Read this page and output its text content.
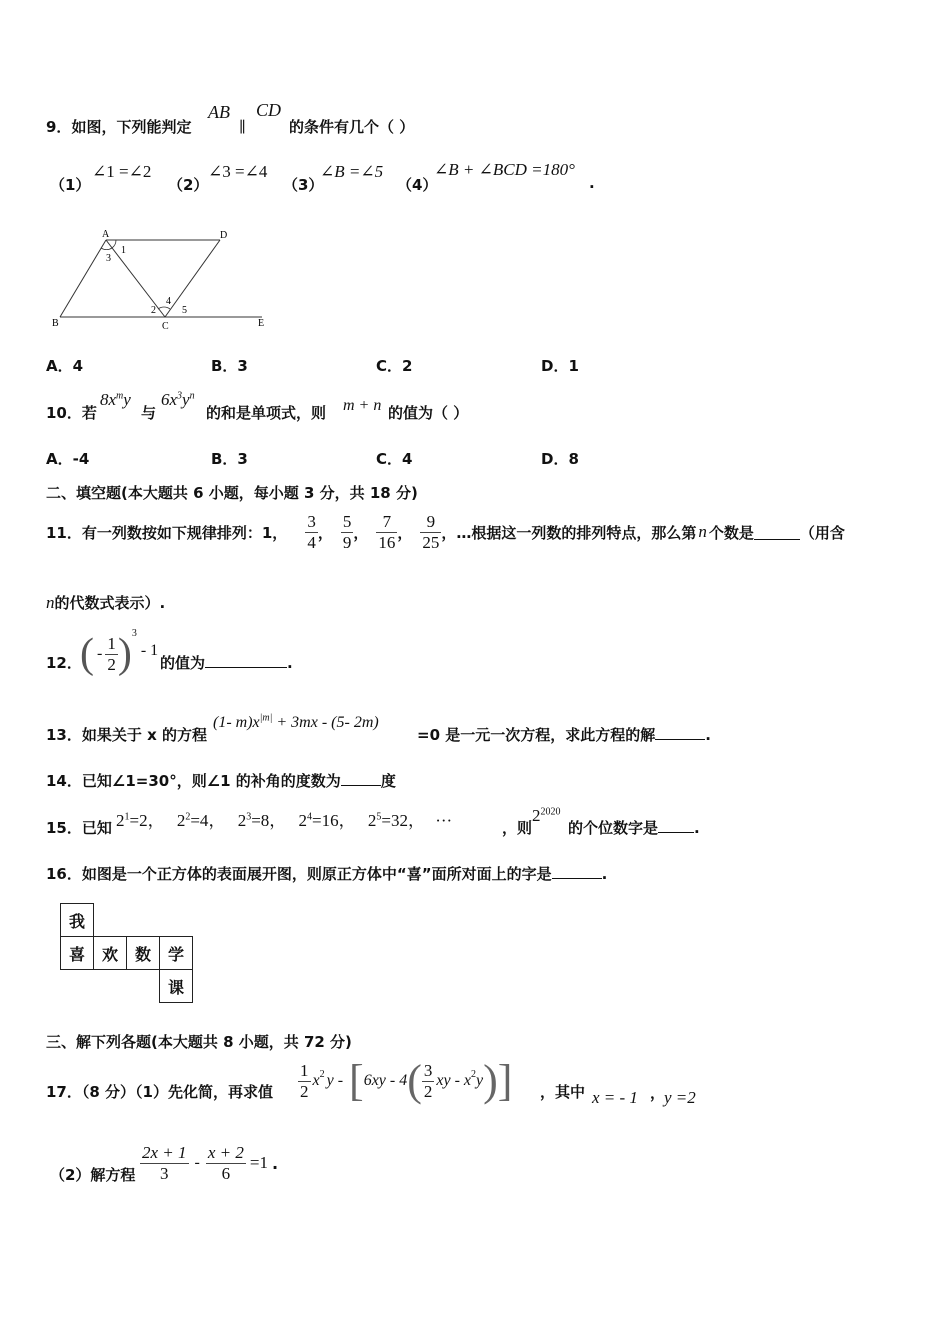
9．如图，下列能判定
AB
∥
CD
的条件有几个（ ）
（1）
∠1 =∠2
（2）
∠3 =∠4
（3）
∠B =∠5
（4）
∠B + ∠BCD =180°
.
A	D
B	C	E
1
3
2
4
5
A．4	B．3	C．2	D．1
10．若
$8x^my$
与
$6x^3y^n$
的和是单项式，则 m + n 的值为（ ）
A．-4	B．3	C．4	D．8
二、填空题(本大题共 6 小题，每小题 3 分，共 18 分)
11．有一列数按如下规律排列：1， $\frac{3}{4}$ ， $\frac{5}{9}$ ， $\frac{7}{16}$ ， $\frac{9}{25}$ ， …根据这一列数的排列特点，那么第 n 个数是	（用含
n的代数式表示）.
12．
( - $\frac{1}{2}$ ) 3
- 1
的值为	.
13．如果关于 x 的方程
(1- $m)x^{|m|} + 3mx - (5-$ 2m)
=0 是一元一次方程，求此方程的解	.
14．已知∠1=30°，则∠1 的补角的度数为	度
15．已知 $2^1=2$， $2^2=4$， $2^3=8$， $2^4=16$， $2^5=32$， ···	，则
$2^{2020}$
的个位数字是 .
16．如图是一个正方体的表面展开图，则原正方体中“喜”面所对面上的字是	.
我			
喜	欢	数	学
			课
三、解下列各题(本大题共 8 小题，共 72 分)
17．（8 分）（1）先化简，再求值 $\frac{1}{2}$ x 2 y - [ 6xy - 4 ( $\frac{3}{2}$ xy - x 2 y ) ] ，其中 x = - 1 ，
y =2
（2）解方程 $\frac{2x + 1}{3} - \frac{x + 2}{6} =1$ .
